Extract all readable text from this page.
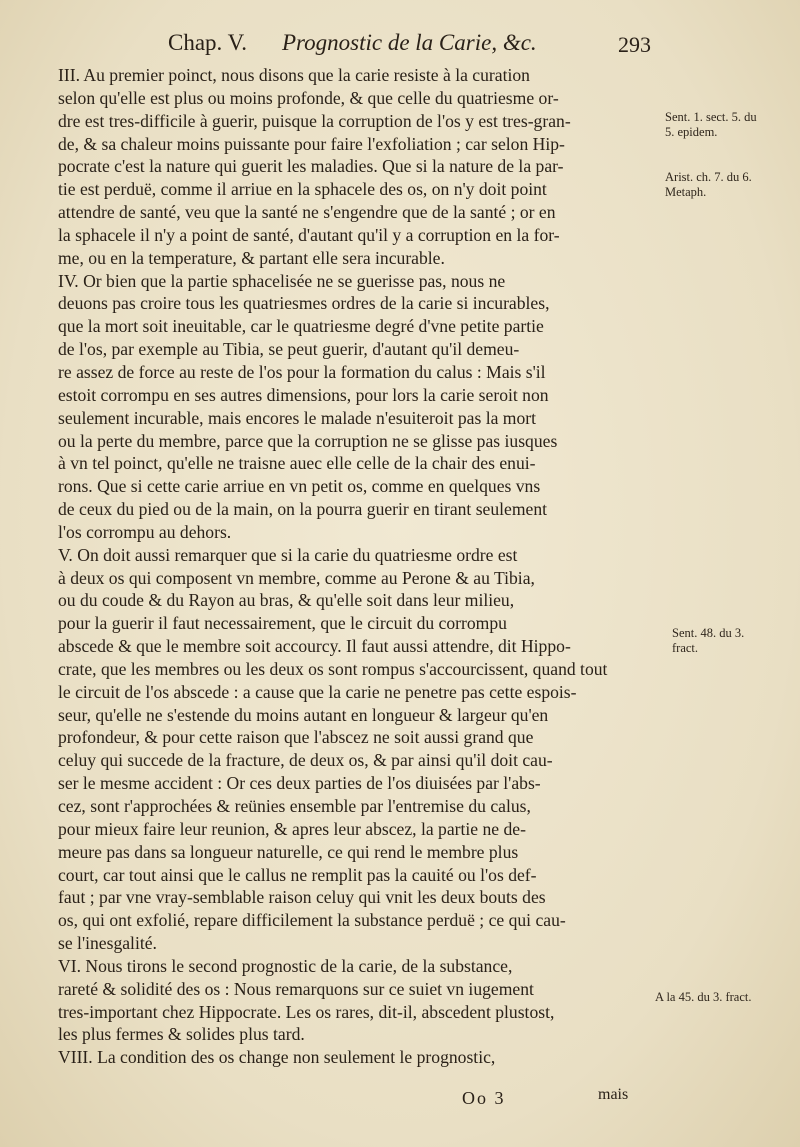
Chap. V. Prognostic de la Carie, &c.	293
III. Au premier poinct, nous disons que la carie resiste à la curation
selon qu'elle est plus ou moins profonde, & que celle du quatriesme or-
dre est tres-difficile à guerir, puisque la corruption de l'os y est tres-gran-
de, & sa chaleur moins puissante pour faire l'exfoliation ; car selon Hip-
pocrate c'est la nature qui guerit les maladies. Que si la nature de la par-
tie est perduë, comme il arriue en la sphacele des os, on n'y doit point
attendre de santé, veu que la santé ne s'engendre que de la santé ; or en
la sphacele il n'y a point de santé, d'autant qu'il y a corruption en la for-
me, ou en la temperature, & partant elle sera incurable.
IV. Or bien que la partie sphacelisée ne se guerisse pas, nous ne
deuons pas croire tous les quatriesmes ordres de la carie si incurables,
que la mort soit ineuitable, car le quatriesme degré d'vne petite partie
de l'os, par exemple au Tibia, se peut guerir, d'autant qu'il demeu-
re assez de force au reste de l'os pour la formation du calus : Mais s'il
estoit corrompu en ses autres dimensions, pour lors la carie seroit non
seulement incurable, mais encores le malade n'esuiteroit pas la mort
ou la perte du membre, parce que la corruption ne se glisse pas iusques
à vn tel poinct, qu'elle ne traisne auec elle celle de la chair des enui-
rons. Que si cette carie arriue en vn petit os, comme en quelques vns
de ceux du pied ou de la main, on la pourra guerir en tirant seulement
l'os corrompu au dehors.
V. On doit aussi remarquer que si la carie du quatriesme ordre est
à deux os qui composent vn membre, comme au Perone & au Tibia,
ou du coude & du Rayon au bras, & qu'elle soit dans leur milieu,
pour la guerir il faut necessairement, que le circuit du corrompu
abscede & que le membre soit accourcy. Il faut aussi attendre, dit Hippo-
crate, que les membres ou les deux os sont rompus s'accourcissent, quand tout
le circuit de l'os abscede : a cause que la carie ne penetre pas cette espois-
seur, qu'elle ne s'estende du moins autant en longueur & largeur qu'en
profondeur, & pour cette raison que l'abscez ne soit aussi grand que
celuy qui succede de la fracture, de deux os, & par ainsi qu'il doit cau-
ser le mesme accident : Or ces deux parties de l'os diuisées par l'abs-
cez, sont r'approchées & reünies ensemble par l'entremise du calus,
pour mieux faire leur reunion, & apres leur abscez, la partie ne de-
meure pas dans sa longueur naturelle, ce qui rend le membre plus
court, car tout ainsi que le callus ne remplit pas la cauité ou l'os def-
faut ; par vne vray-semblable raison celuy qui vnit les deux bouts des
os, qui ont exfolié, repare difficilement la substance perduë ; ce qui cau-
se l'inesgalité.
VI. Nous tirons le second prognostic de la carie, de la substance,
rareté & solidité des os : Nous remarquons sur ce suiet vn iugement
tres-important chez Hippocrate. Les os rares, dit-il, abscedent plustost,
les plus fermes & solides plus tard.
VIII. La condition des os change non seulement le prognostic,
Sent. 1. sect. 5. du 5. epidem.
Arist. ch. 7. du 6. Metaph.
Sent. 48. du 3. fract.
A la 45. du 3. fract.
Oo 3	mais
